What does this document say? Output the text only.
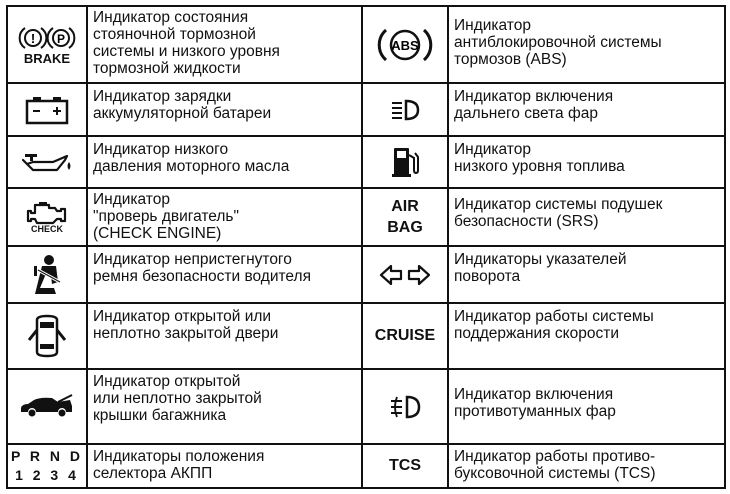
! P
BRAKE	Индикатор состояния
стояночной тормозной
системы и низкого уровня
тормозной жидкости	ABS	Индикатор
антиблокировочной системы
тормозов (ABS)

Индикатор зарядки
аккумуляторной батареи		Индикатор включения
дальнего света фар

Индикатор низкого
давления моторного масла		Индикатор
низкого уровня топлива

CHECK	Индикатор
"проверь двигатель"
(CHECK ENGINE)	AIR
BAG	Индикатор системы подушек
безопасности (SRS)

Индикатор непристегнутого
ремня безопасности водителя		Индикаторы указателей
поворота

Индикатор открытой или
неплотно закрытой двери	CRUISE	Индикатор работы системы
поддержания скорости

Индикатор открытой
или неплотно закрытой
крышки багажника		Индикатор включения
противотуманных фар

P R N D
1 2 3 4	Индикаторы положения
селектора АКПП	TCS	Индикатор работы противо-
буксовочной системы (TCS)
